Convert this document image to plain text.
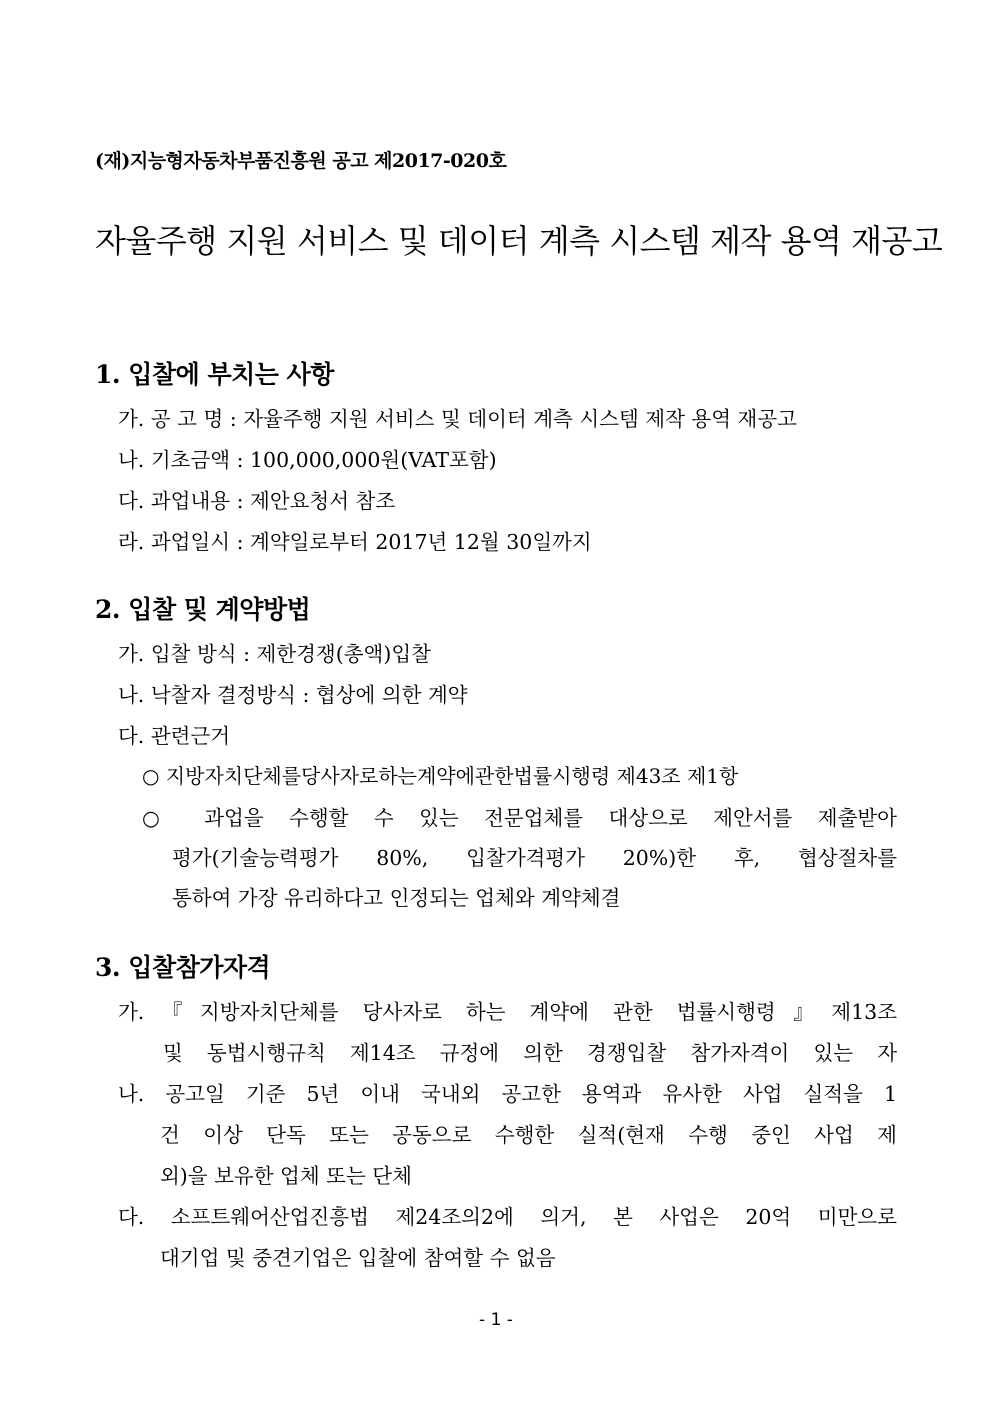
(재)지능형자동차부품진흥원 공고 제2017-020호
자율주행 지원 서비스 및 데이터 계측 시스템 제작 용역 재공고
1. 입찰에 부치는 사항
가. 공 고 명 : 자율주행 지원 서비스 및 데이터 계측 시스템 제작 용역 재공고
나. 기초금액 : 100,000,000원(VAT포함)
다. 과업내용 : 제안요청서 참조
라. 과업일시 : 계약일로부터 2017년 12월 30일까지
2. 입찰 및 계약방법
가. 입찰 방식 : 제한경쟁(총액)입찰
나. 낙찰자 결정방식 : 협상에 의한 계약
다. 관련근거
○ 지방자치단체를당사자로하는계약에관한법률시행령 제43조 제1항
○ 과업을 수행할 수 있는 전문업체를 대상으로 제안서를 제출받아
평가(기술능력평가 80%, 입찰가격평가 20%)한 후, 협상절차를
통하여 가장 유리하다고 인정되는 업체와 계약체결
3. 입찰참가자격
가.『지방자치단체를 당사자로 하는 계약에 관한 법률시행령』제13조
및 동법시행규칙 제14조 규정에 의한 경쟁입찰 참가자격이 있는 자
나. 공고일 기준 5년 이내 국내외 공고한 용역과 유사한 사업 실적을 1
건 이상 단독 또는 공동으로 수행한 실적(현재 수행 중인 사업 제
외)을 보유한 업체 또는 단체
다. 소프트웨어산업진흥법 제24조의2에 의거, 본 사업은 20억 미만으로
대기업 및 중견기업은 입찰에 참여할 수 없음
- 1 -
